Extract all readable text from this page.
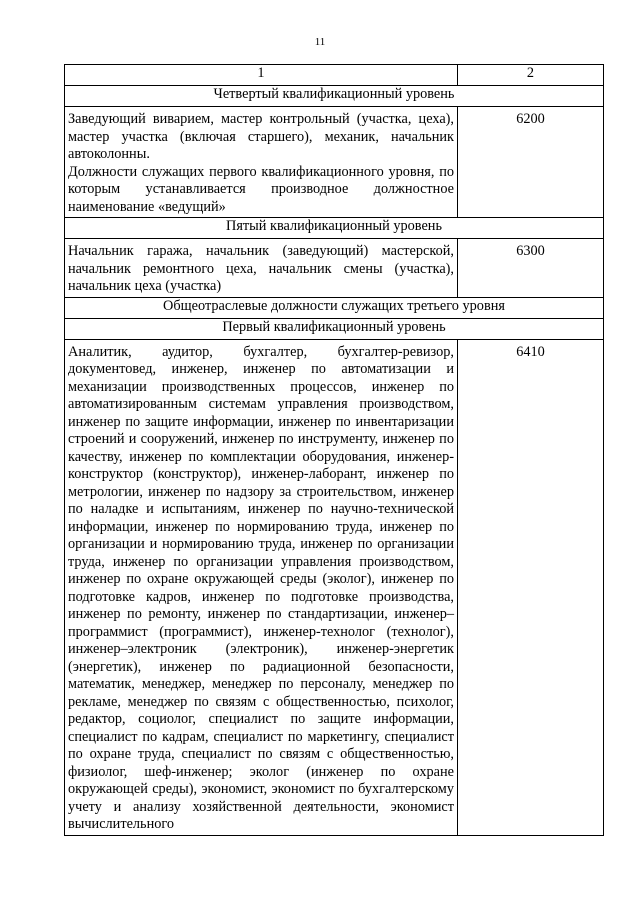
11
1	2
Четвертый квалификационный уровень	

Заведующий виварием, мастер контрольный (участка, цеха), мастер участка (включая старшего), механик, начальник автоколонны.

Должности служащих первого квалификационного уровня, по которым устанавливается производное должностное наименование «ведущий»	6200
Пятый квалификационный уровень	

Начальник гаража, начальник (заведующий) мастерской, начальник ремонтного цеха, начальник смены (участка), начальник цеха (участка)	6300
Общеотраслевые должности служащих третьего уровня	
Первый квалификационный уровень	

Аналитик, аудитор, бухгалтер, бухгалтер-ревизор, документовед, инженер, инженер по автоматизации и механизации производственных процессов, инженер по автоматизированным системам управления производством, инженер по защите информации, инженер по инвентаризации строений и сооружений, инженер по инструменту, инженер по качеству, инженер по комплектации оборудования, инженер-конструктор (конструктор), инженер-лаборант, инженер по метрологии, инженер по надзору за строительством, инженер по наладке и испытаниям, инженер по научно-технической информации, инженер по нормированию труда, инженер по организации и нормированию труда, инженер по организации труда, инженер по организации управления производством, инженер по охране окружающей среды (эколог), инженер по подготовке кадров, инженер по подготовке производства, инженер по ремонту, инженер по стандартизации, инженер–программист (программист), инженер-технолог (технолог), инженер–электроник (электроник), инженер-энергетик (энергетик), инженер по радиационной безопасности, математик, менеджер, менеджер по персоналу, менеджер по рекламе, менеджер по связям с общественностью, психолог, редактор, социолог, специалист по защите информации, специалист по кадрам, специалист по маркетингу, специалист по охране труда, специалист по связям с общественностью, физиолог, шеф-инженер; эколог (инженер по охране окружающей среды), экономист, экономист по бухгалтерскому учету и анализу хозяйственной деятельности, экономист вычислительного	6410
